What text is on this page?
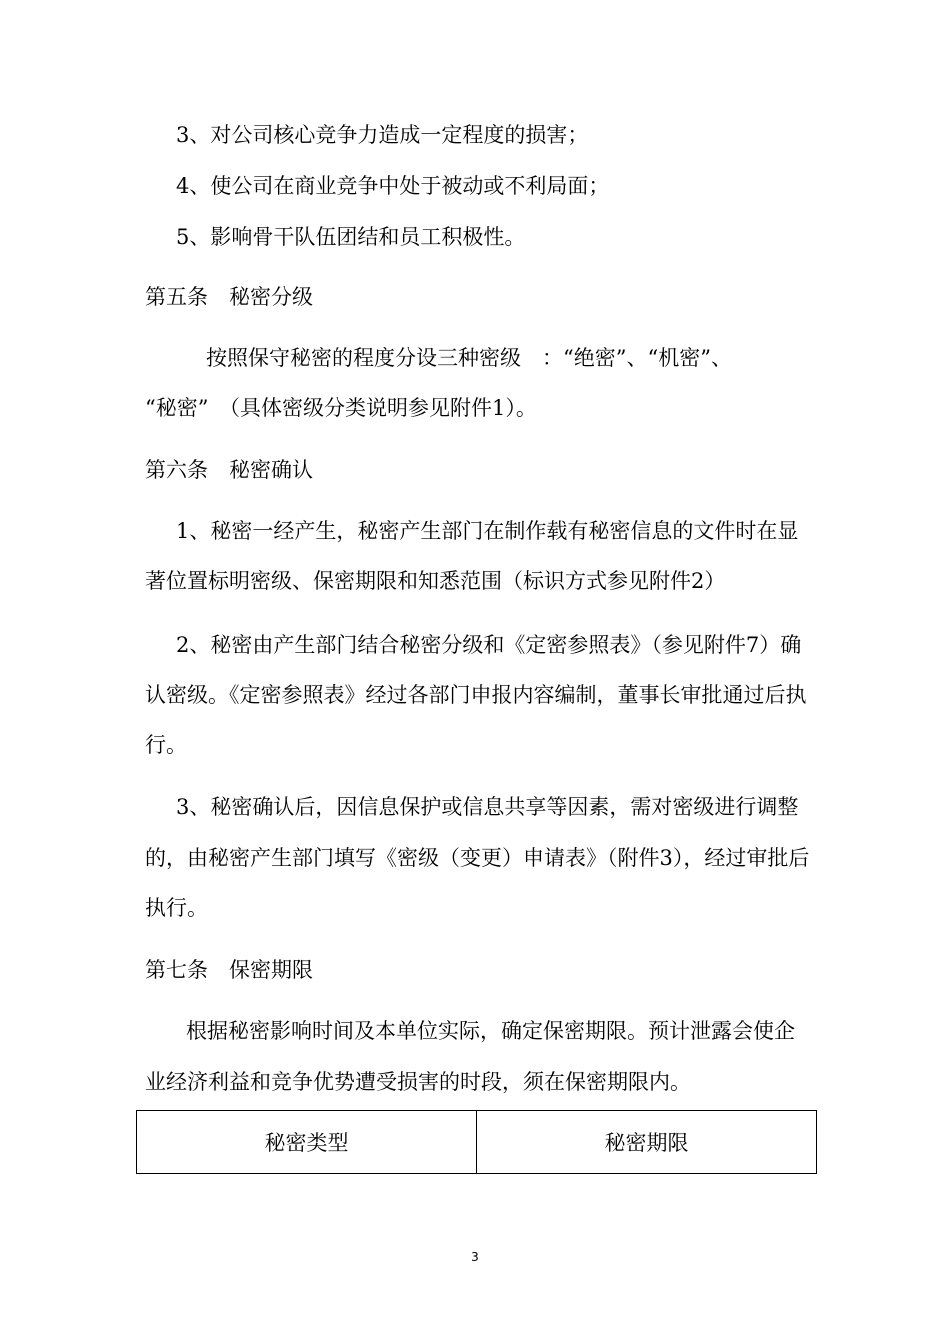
3、对公司核心竞争力造成一定程度的损害；
4、使公司在商业竞争中处于被动或不利局面；
5、影响骨干队伍团结和员工积极性。
第五条　秘密分级
按照保守秘密的程度分设三种密级　：“绝密”、“机密”、
“秘密”　（具体密级分类说明参见附件1）。
第六条　秘密确认
1、秘密一经产生，秘密产生部门在制作载有秘密信息的文件时在显
著位置标明密级、保密期限和知悉范围（标识方式参见附件2）
2、秘密由产生部门结合秘密分级和《定密参照表》（参见附件7）确
认密级。《定密参照表》经过各部门申报内容编制，董事长审批通过后执
行。
3、秘密确认后，因信息保护或信息共享等因素，需对密级进行调整
的，由秘密产生部门填写《密级（变更）申请表》（附件3），经过审批后
执行。
第七条　保密期限
根据秘密影响时间及本单位实际，确定保密期限。预计泄露会使企
业经济利益和竞争优势遭受损害的时段，须在保密期限内。
秘密类型	秘密期限
3
